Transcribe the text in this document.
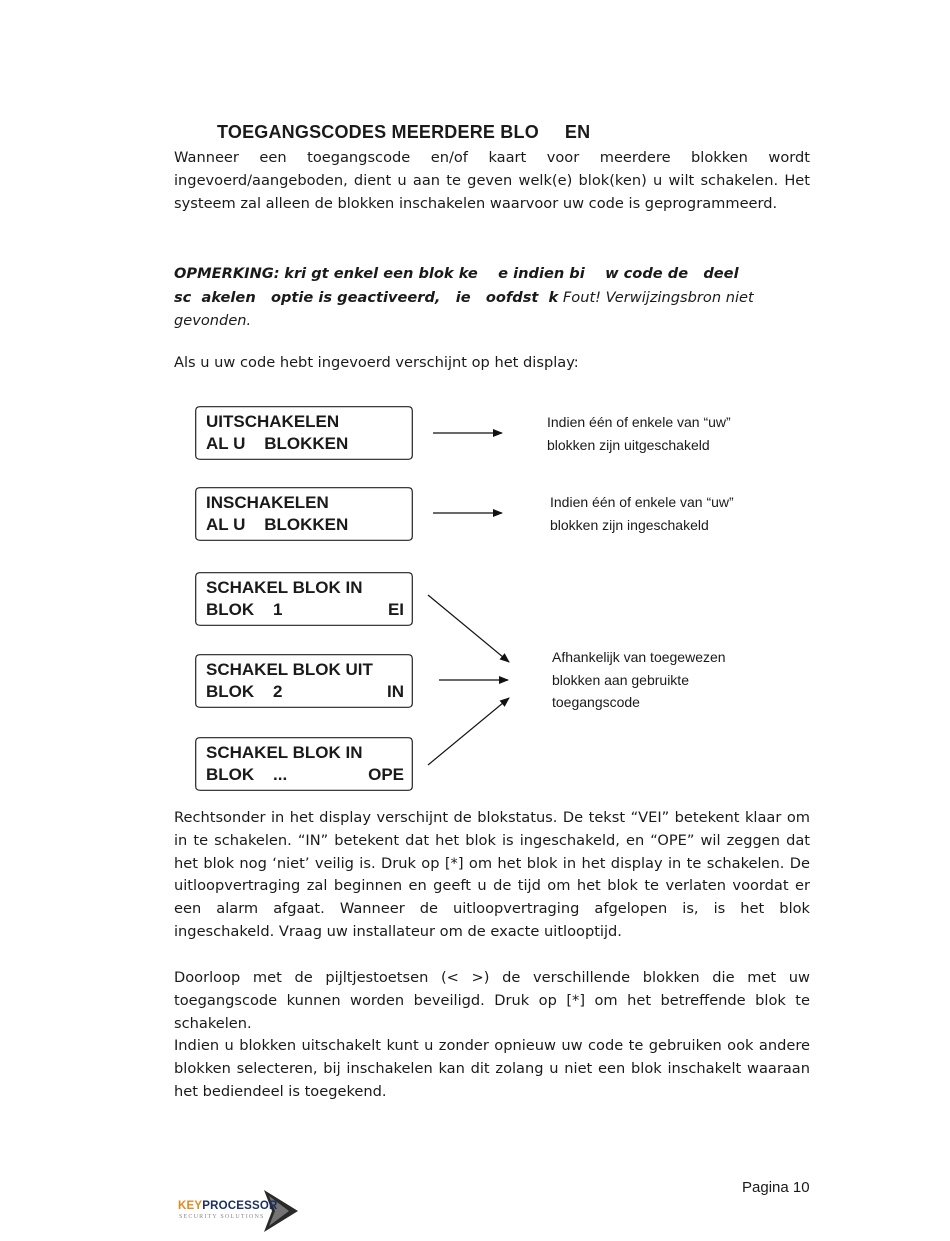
TOEGANGSCODES MEERDERE BLO     EN
Wanneer een toegangscode en/of kaart voor meerdere blokken wordt ingevoerd/aangeboden, dient u aan te geven welk(e) blok(ken) u wilt schakelen. Het systeem zal alleen de blokken inschakelen waarvoor uw code is geprogrammeerd.
OPMERKING: kri gt enkel een blok ke    e indien bi    w code de   deel
sc  akelen   optie is geactiveerd,   ie   oofdst  k Fout! Verwijzingsbron niet gevonden.
Als u uw code hebt ingevoerd verschijnt op het display:
UITSCHAKELEN
AL U    BLOKKEN
INSCHAKELEN
AL U    BLOKKEN
SCHAKEL BLOK IN
BLOK    1	EI
SCHAKEL BLOK UIT
BLOK    2	IN
SCHAKEL BLOK IN
BLOK    ...	OPE
Indien één of enkele van “uw”
blokken zijn uitgeschakeld
Indien één of enkele van “uw”
blokken zijn ingeschakeld
Afhankelijk van toegewezen
blokken aan gebruikte
toegangscode
Rechtsonder in het display verschijnt de blokstatus. De tekst “VEI” betekent klaar om in te schakelen. “IN” betekent dat het blok is ingeschakeld, en “OPE” wil zeggen dat het blok nog ‘niet’ veilig is. Druk op [*] om het blok in het display in te schakelen. De uitloopvertraging zal beginnen en geeft u de tijd om het blok te verlaten voordat er een alarm afgaat. Wanneer de uitloopvertraging afgelopen is, is het blok ingeschakeld. Vraag uw installateur om de exacte uitlooptijd.
Doorloop met de pijltjestoetsen (< >) de verschillende blokken die met uw toegangscode kunnen worden beveiligd. Druk op [*] om het betreffende blok te schakelen.
Indien u blokken uitschakelt kunt u zonder opnieuw uw code te gebruiken ook andere blokken selecteren, bij inschakelen kan dit zolang u niet een blok inschakelt waaraan het bediendeel is toegekend.
Pagina 10
KEYPROCESSOR
SECURITY SOLUTIONS
